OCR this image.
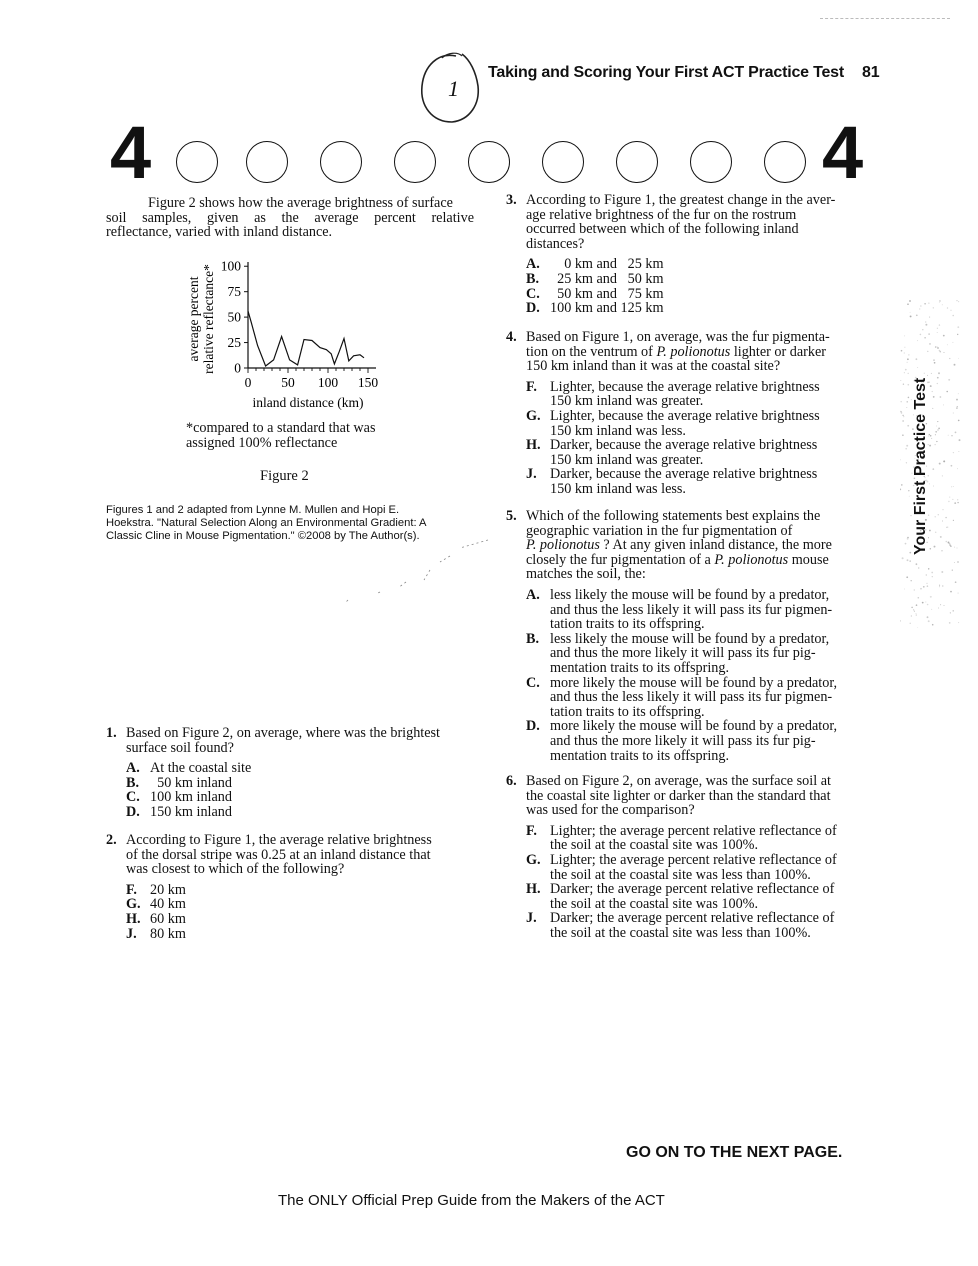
1
Taking and Scoring Your First ACT Practice Test 81
4	4
Your First Practice Test
Figure 2 shows how the average brightness of surface
soil samples, given as the average percent relative
reflectance, varied with inland distance.
0
25
50
75
100
0 50 100 150
inland distance (km)
average percent relative reflectance*
*compared to a standard that was
assigned 100% reflectance
Figure 2
Figures 1 and 2 adapted from Lynne M. Mullen and Hopi E.
Hoekstra. "Natural Selection Along an Environmental Gradient: A
Classic Cline in Mouse Pigmentation." ©2008 by The Author(s).
1. Based on Figure 2, on average, where was the brightest
surface soil found?
A. At the coastal site
B. 50 km inland
C. 100 km inland
D. 150 km inland
2. According to Figure 1, the average relative brightness
of the dorsal stripe was 0.25 at an inland distance that
was closest to which of the following?
F. 20 km
G. 40 km
H. 60 km
J. 80 km
3. According to Figure 1, the greatest change in the aver-
age relative brightness of the fur on the rostrum
occurred between which of the following inland
distances?
A. 0 km and   25 km
B. 25 km and   50 km
C. 50 km and   75 km
D. 100 km and 125 km
4. Based on Figure 1, on average, was the fur pigmenta-
tion on the ventrum of P. polionotus lighter or darker
150 km inland than it was at the coastal site?
F. Lighter, because the average relative brightness
150 km inland was greater.
G. Lighter, because the average relative brightness
150 km inland was less.
H. Darker, because the average relative brightness
150 km inland was greater.
J. Darker, because the average relative brightness
150 km inland was less.
5. Which of the following statements best explains the
geographic variation in the fur pigmentation of
P. polionotus ? At any given inland distance, the more
closely the fur pigmentation of a P. polionotus mouse
matches the soil, the:
A. less likely the mouse will be found by a predator,
and thus the less likely it will pass its fur pigmen-
tation traits to its offspring.
B. less likely the mouse will be found by a predator,
and thus the more likely it will pass its fur pig-
mentation traits to its offspring.
C. more likely the mouse will be found by a predator,
and thus the less likely it will pass its fur pigmen-
tation traits to its offspring.
D. more likely the mouse will be found by a predator,
and thus the more likely it will pass its fur pig-
mentation traits to its offspring.
6. Based on Figure 2, on average, was the surface soil at
the coastal site lighter or darker than the standard that
was used for the comparison?
F. Lighter; the average percent relative reflectance of
the soil at the coastal site was 100%.
G. Lighter; the average percent relative reflectance of
the soil at the coastal site was less than 100%.
H. Darker; the average percent relative reflectance of
the soil at the coastal site was 100%.
J. Darker; the average percent relative reflectance of
the soil at the coastal site was less than 100%.
GO ON TO THE NEXT PAGE.
The ONLY Official Prep Guide from the Makers of the ACT
